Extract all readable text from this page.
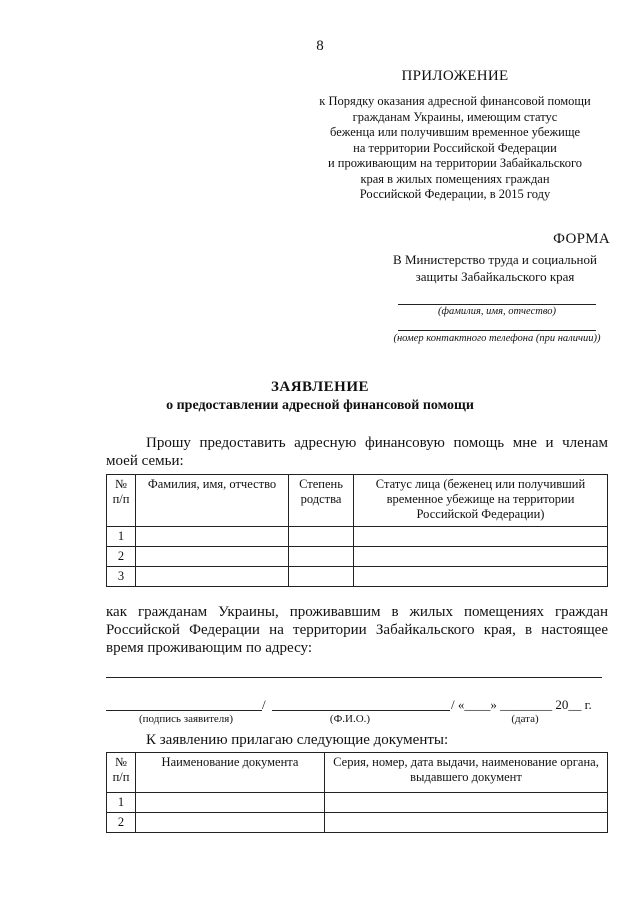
8
ПРИЛОЖЕНИЕ
к Порядку оказания адресной финансовой помощи
гражданам Украины, имеющим статус
беженца или получившим временное убежище
на территории Российской Федерации
и проживающим на территории Забайкальского
края в жилых помещениях граждан
Российской Федерации, в 2015 году
ФОРМА
В Министерство труда и социальной
защиты Забайкальского края
(фамилия, имя, отчество)
(номер контактного телефона (при наличии))
ЗАЯВЛЕНИЕ
о предоставлении адресной финансовой помощи
Прошу предоставить адресную финансовую помощь мне и членам моей семьи:
№ п/п	Фамилия, имя, отчество	Степень родства	Статус лица (беженец или получивший временное убежище на территории Российской Федерации)
1			
2			
3			
как гражданам Украины, проживавшим в жилых помещениях граждан Российской Федерации на территории Забайкальского края, в настоящее время проживающим по адресу:
/	/ «____» ________ 20__ г.
(подпись заявителя)	(Ф.И.О.)	(дата)
К заявлению прилагаю следующие документы:
№ п/п	Наименование документа	Серия, номер, дата выдачи, наименование органа, выдавшего документ
1		
2		
